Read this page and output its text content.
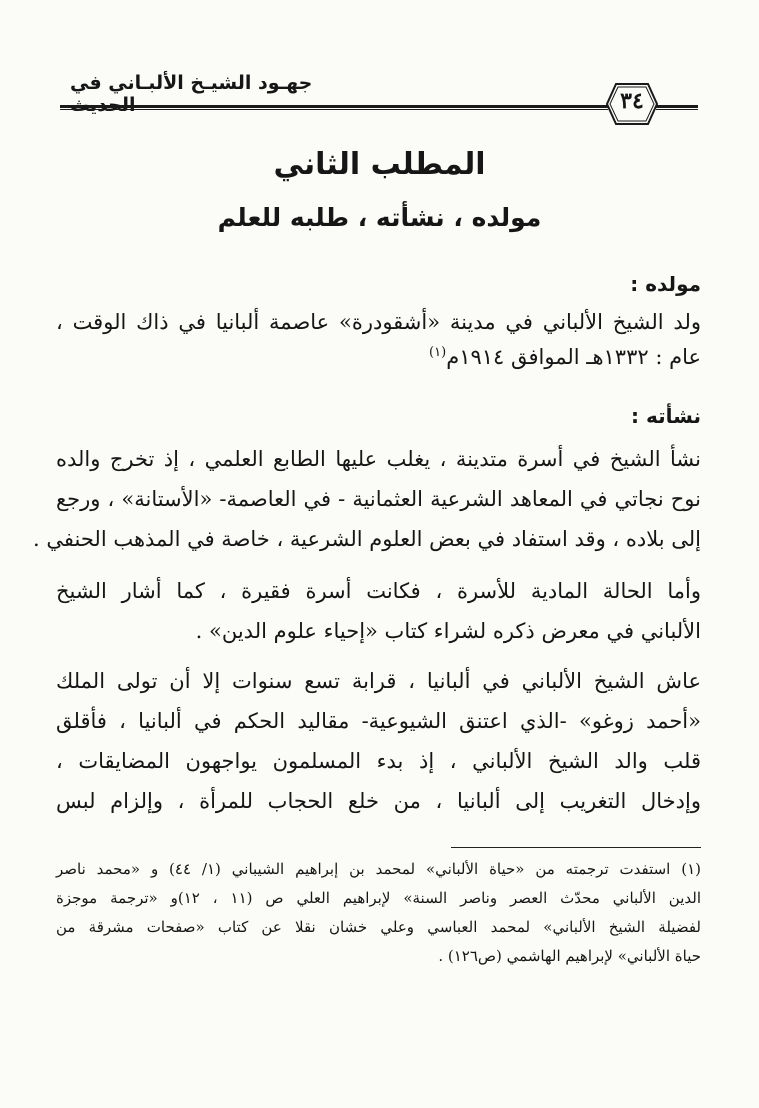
جهـود الشيـخ الألبـاني في
٣٤
المطلب الثاني
مولده ، نشأته ، طلبه للعلم
مولده :
ولد الشيخ الألباني في مدينة «أشقودرة» عاصمة ألبانيا في ذاك الوقت ،
عام : ١٣٣٢هـ الموافق ١٩١٤م$^{(١)}$
نشأته :
نشأ الشيخ في أسرة متدينة ، يغلب عليها الطابع العلمي ، إذ تخرج والده
نوح نجاتي في المعاهد الشرعية العثمانية - في العاصمة- «الأستانة» ، ورجع
إلى بلاده ، وقد استفاد في بعض العلوم الشرعية ، خاصة في المذهب الحنفي .
وأما الحالة المادية للأسرة ، فكانت أسرة فقيرة ، كما أشار الشيخ
الألباني في معرض ذكره لشراء كتاب «إحياء علوم الدين» .
عاش الشيخ الألباني في ألبانيا ، قرابة تسع سنوات إلا أن تولى الملك
«أحمد زوغو» -الذي اعتنق الشيوعية- مقاليد الحكم في ألبانيا ، فأقلق
قلب والد الشيخ الألباني ، إذ بدء المسلمون يواجهون المضايقات ،
وإدخال التغريب إلى ألبانيا ، من خلع الحجاب للمرأة ، وإلزام لبس
(١) استفدت ترجمته من «حياة الألباني» لمحمد بن إبراهيم الشيباني (١/ ٤٤) و «محمد ناصر
الدين الألباني محدّث العصر وناصر السنة» لإبراهيم العلي ص (١١ ، ١٢)و «ترجمة موجزة
لفضيلة الشيخ الألباني» لمحمد العباسي وعلي خشان نقلا عن كتاب «صفحات مشرقة من
حياة الألباني» لإبراهيم الهاشمي (ص١٢٦) .
